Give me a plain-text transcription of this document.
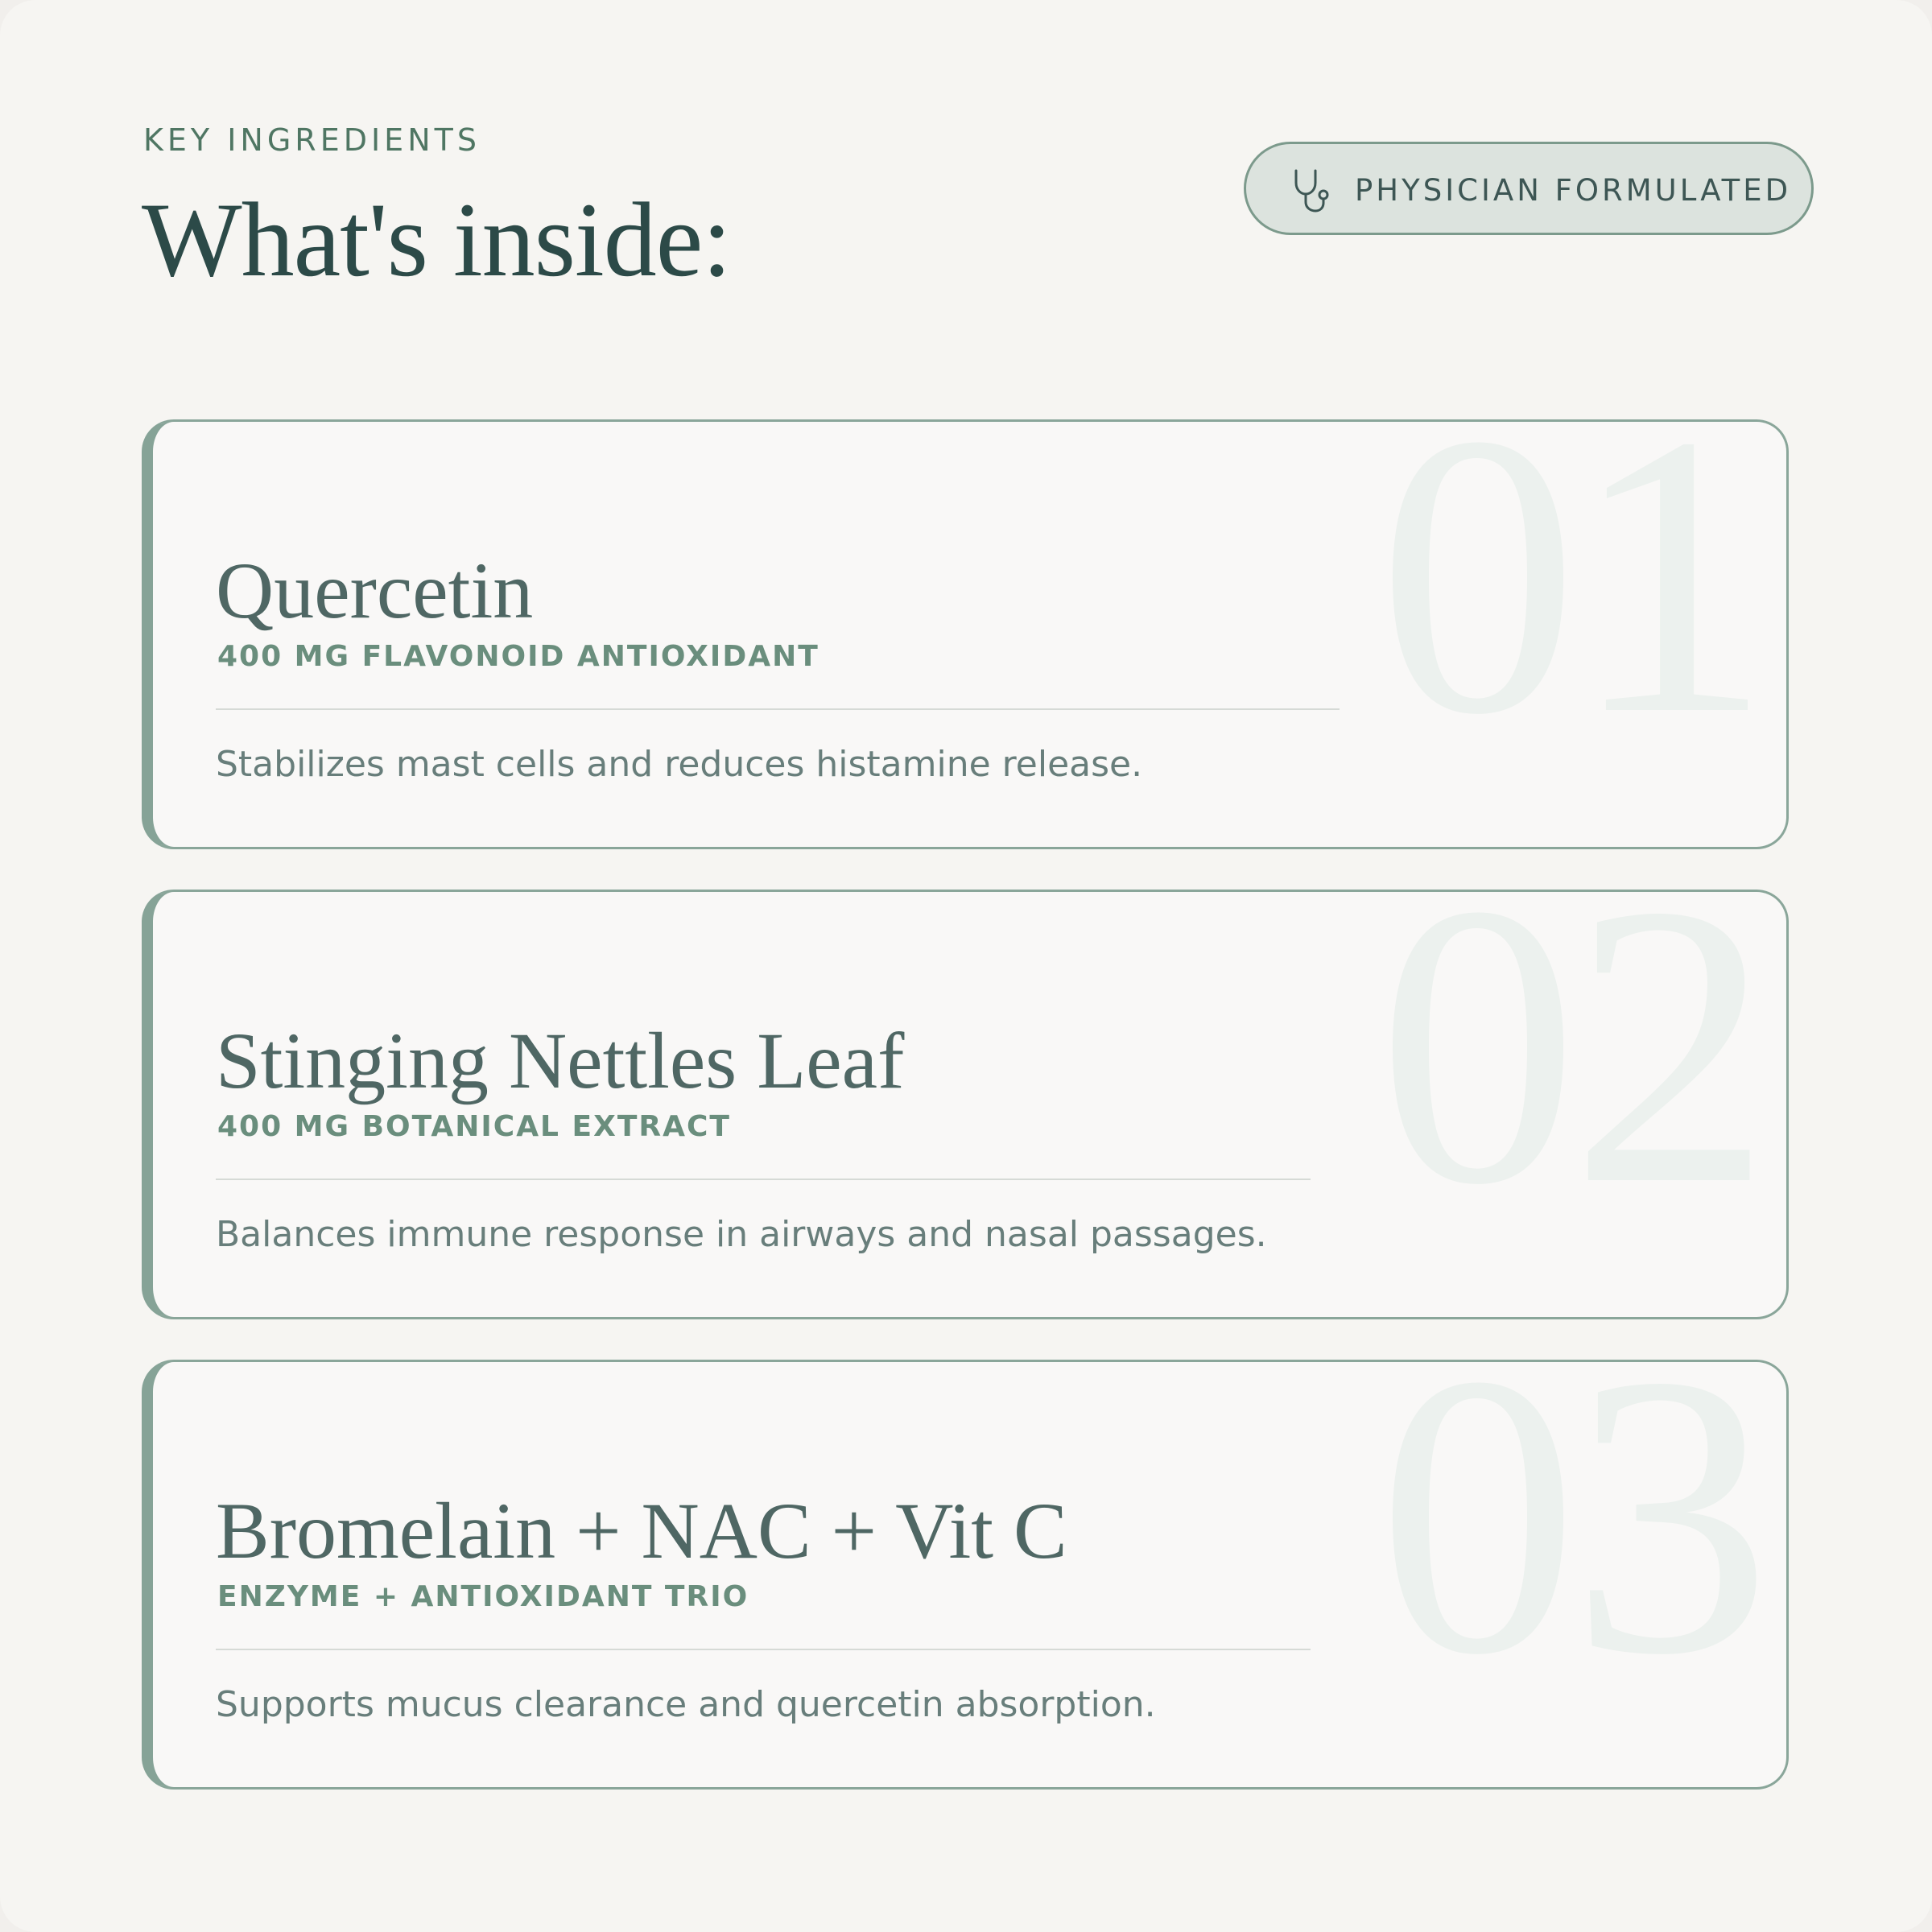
KEY INGREDIENTS
What's inside:	PHYSICIAN FORMULATED
01
Quercetin
400 MG FLAVONOID ANTIOXIDANT
Stabilizes mast cells and reduces histamine release.
02
Stinging Nettles Leaf
400 MG BOTANICAL EXTRACT
Balances immune response in airways and nasal passages.
03
Bromelain + NAC + Vit C
ENZYME + ANTIOXIDANT TRIO
Supports mucus clearance and quercetin absorption.
